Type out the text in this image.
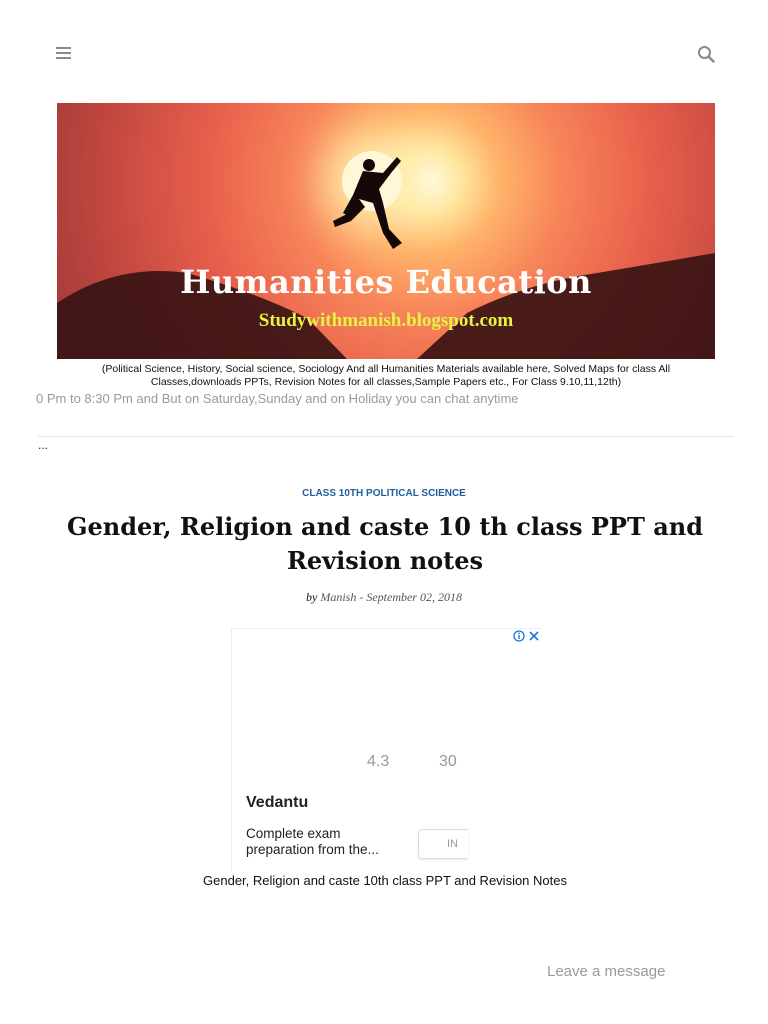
Humanities Education
Studywithmanish.blogspot.com
(Political Science, History, Social science, Sociology And all Humanities Materials available here, Solved Maps for class All Classes,downloads PPTs, Revision Notes for all classes,Sample Papers etc., For Class 9.10,11,12th)
0 Pm to 8:30 Pm and But on Saturday,Sunday and on Holiday you can chat anytime
...
CLASS 10TH POLITICAL SCIENCE
Gender, Religion and caste 10 th class PPT and Revision notes
by Manish - September 02, 2018
4.3	30
Vedantu
Complete exam preparation from the...	IN
Gender, Religion and caste 10th class PPT and Revision Notes
Leave a message
